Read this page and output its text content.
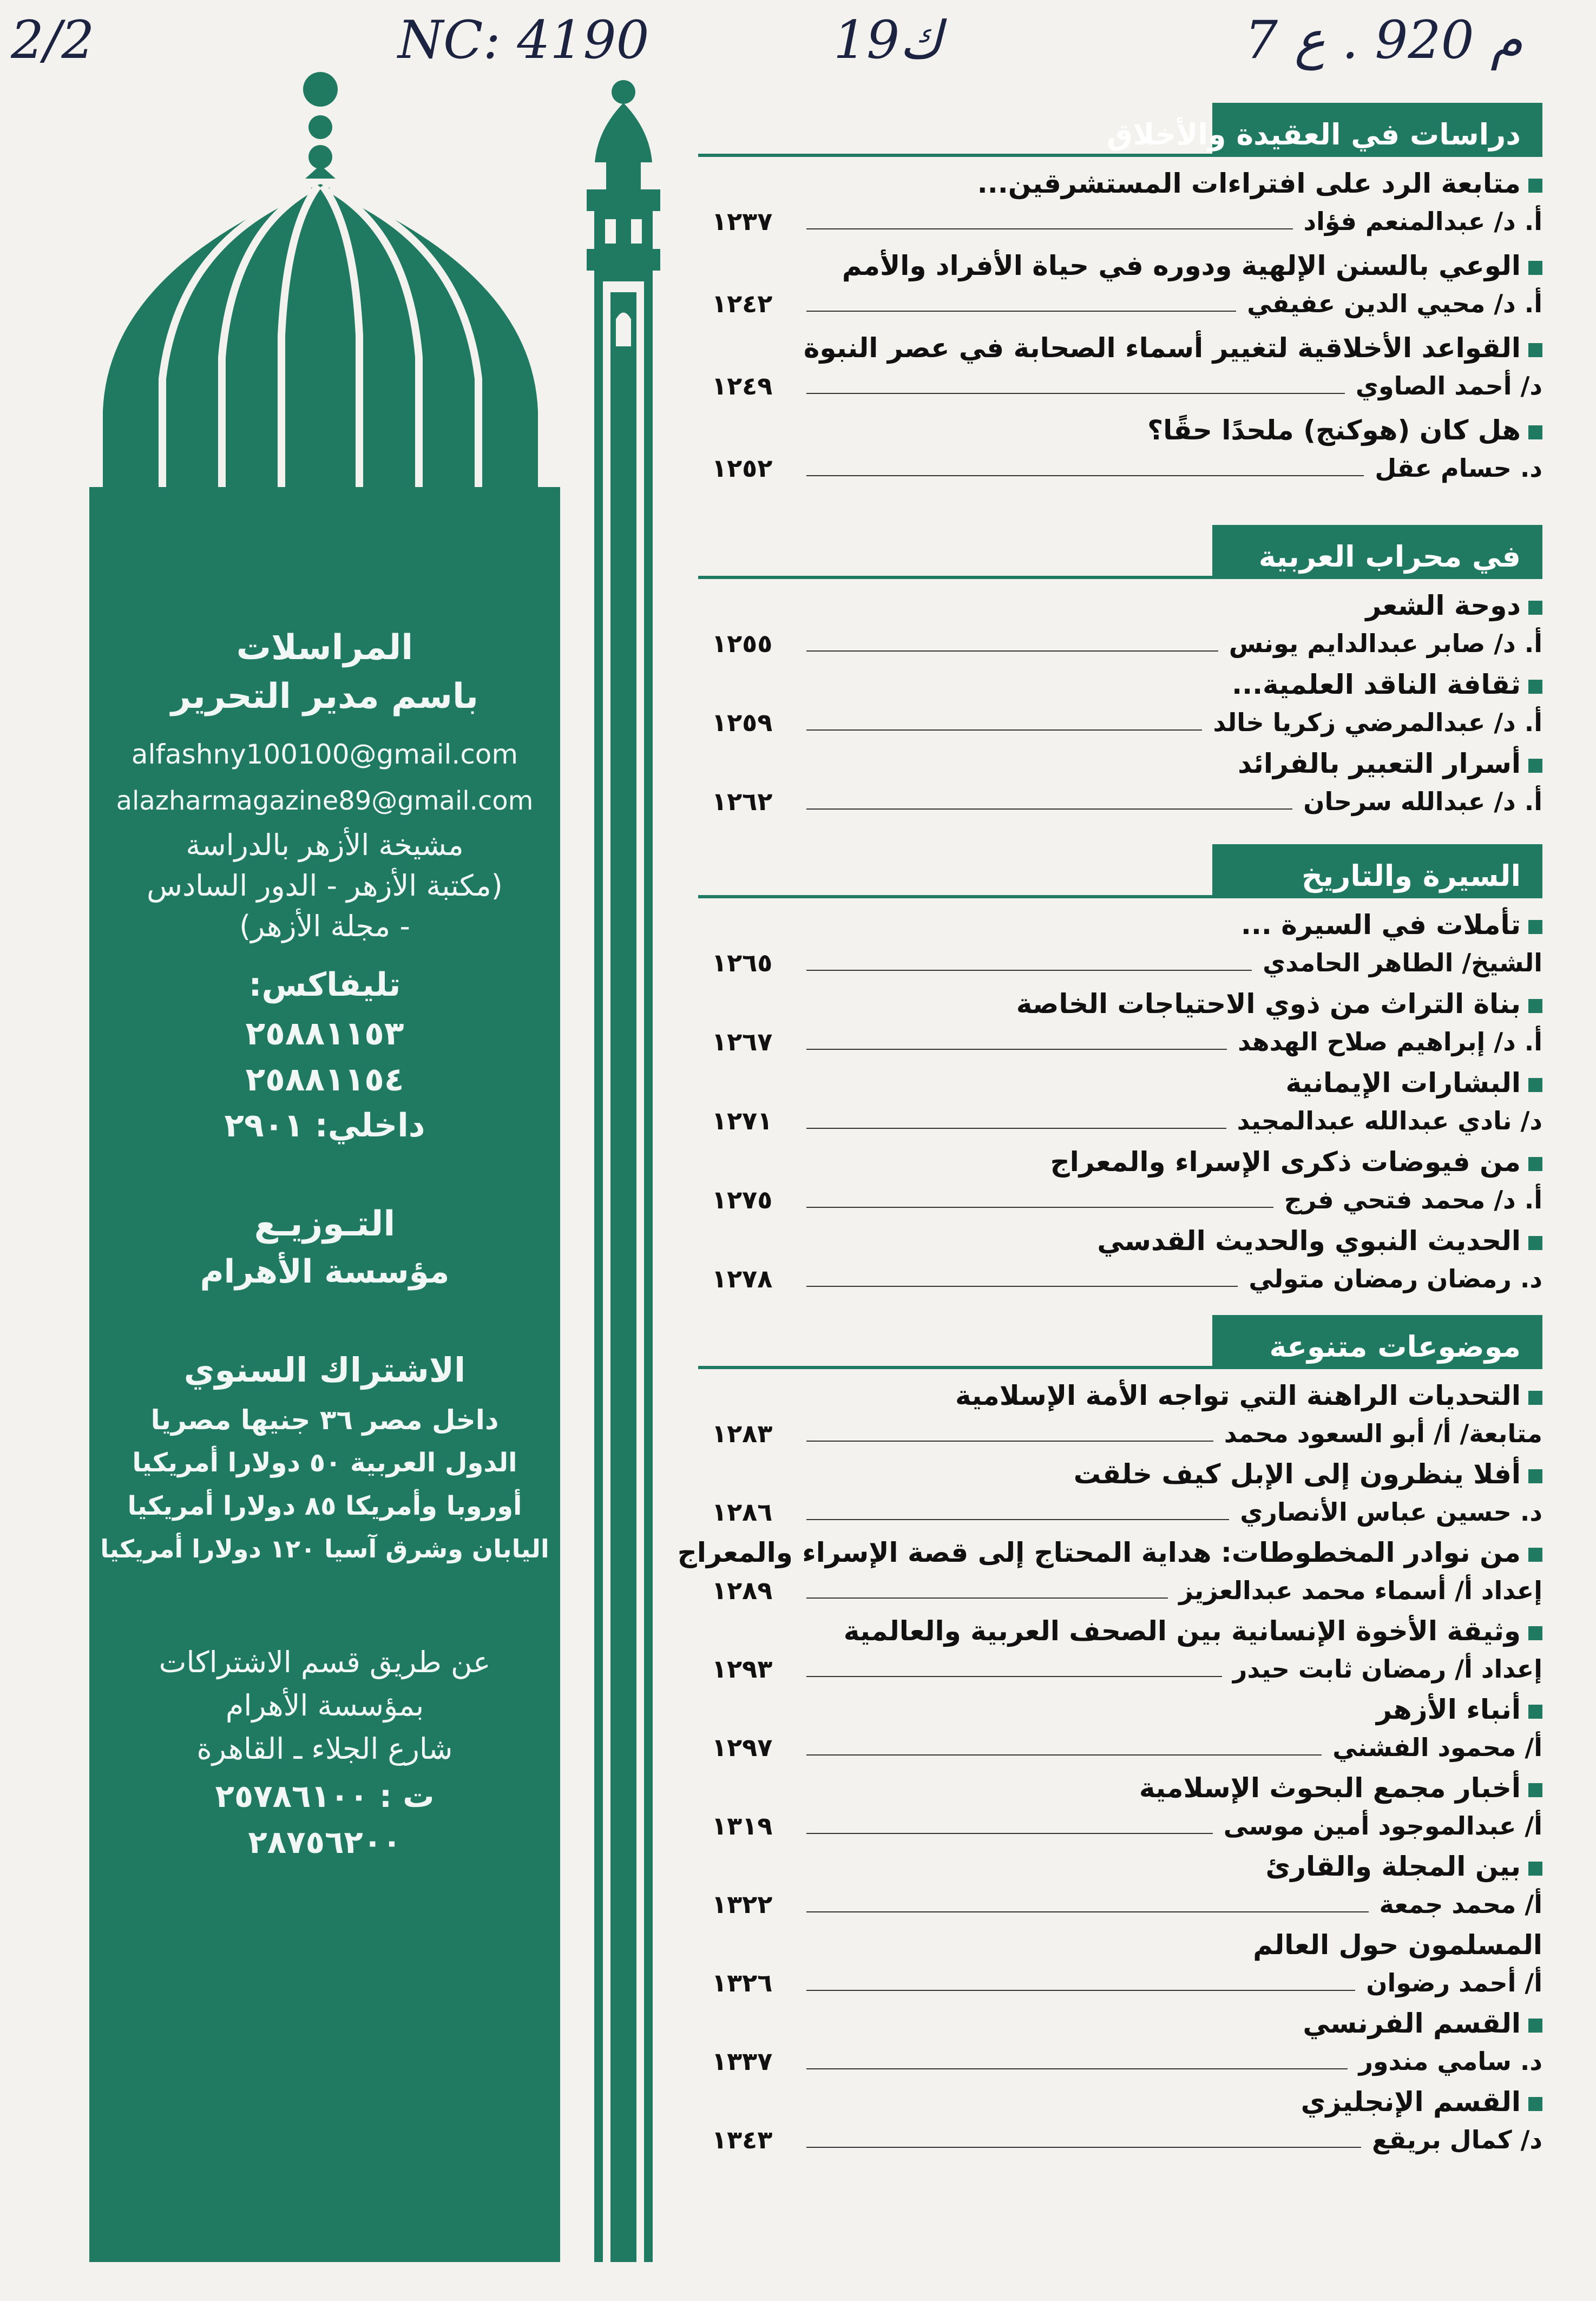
2/2	NC: 4190	ك19	م 920 . ع 7
المراسلات
باسم مدير التحرير
alfashny100100@gmail.com
alazharmagazine89@gmail.com
مشيخة الأزهر بالدراسة
(مكتبة الأزهر - الدور السادس
- مجلة الأزهر)
تليفاكس:
٢٥٨٨١١٥٣
٢٥٨٨١١٥٤
داخلي: ٢٩٠١
التـوزيـع
مؤسسة الأهرام
الاشتراك السنوي
داخل مصر ٣٦ جنيها مصريا
الدول العربية ٥٠ دولارا أمريكيا
أوروبا وأمريكا ٨٥ دولارا أمريكيا
اليابان وشرق آسيا ١٢٠ دولارا أمريكيا
عن طريق قسم الاشتراكات
بمؤسسة الأهرام
شارع الجلاء ـ القاهرة
ت : ٢٥٧٨٦١٠٠
٢٨٧٥٦٢٠٠
دراسات في العقيدة والأخلاق
متابعة الرد على افتراءات المستشرقين...
أ. د/ عبدالمنعم فؤاد
١٢٣٧
الوعي بالسنن الإلهية ودوره في حياة الأفراد والأمم
أ. د/ محيي الدين عفيفي
١٢٤٢
القواعد الأخلاقية لتغيير أسماء الصحابة في عصر النبوة
د/ أحمد الصاوي
١٢٤٩
هل كان (هوكنج) ملحدًا حقًا؟
د. حسام عقل
١٢٥٢
في محراب العربية
دوحة الشعر
أ. د/ صابر عبدالدايم يونس
١٢٥٥
ثقافة الناقد العلمية...
أ. د/ عبدالمرضي زكريا خالد
١٢٥٩
أسرار التعبير بالفرائد
أ. د/ عبدالله سرحان
١٢٦٢
السيرة والتاريخ
تأملات في السيرة ...
الشيخ/ الطاهر الحامدي
١٢٦٥
بناة التراث من ذوي الاحتياجات الخاصة
أ. د/ إبراهيم صلاح الهدهد
١٢٦٧
البشارات الإيمانية
د/ نادي عبدالله عبدالمجيد
١٢٧١
من فيوضات ذكرى الإسراء والمعراج
أ. د/ محمد فتحي فرج
١٢٧٥
الحديث النبوي والحديث القدسي
د. رمضان رمضان متولي
١٢٧٨
موضوعات متنوعة
التحديات الراهنة التي تواجه الأمة الإسلامية
متابعة/ أ/ أبو السعود محمد
١٢٨٣
أفلا ينظرون إلى الإبل كيف خلقت
د. حسين عباس الأنصاري
١٢٨٦
من نوادر المخطوطات: هداية المحتاج إلى قصة الإسراء والمعراج
إعداد أ/ أسماء محمد عبدالعزيز
١٢٨٩
وثيقة الأخوة الإنسانية بين الصحف العربية والعالمية
إعداد أ/ رمضان ثابت حيدر
١٢٩٣
أنباء الأزهر
أ/ محمود الفشني
١٢٩٧
أخبار مجمع البحوث الإسلامية
أ/ عبدالموجود أمين موسى
١٣١٩
بين المجلة والقارئ
أ/ محمد جمعة
١٣٢٢
المسلمون حول العالم
أ/ أحمد رضوان
١٣٢٦
القسم الفرنسي
د. سامي مندور
١٣٣٧
القسم الإنجليزي
د/ كمال بريقع
١٣٤٣
